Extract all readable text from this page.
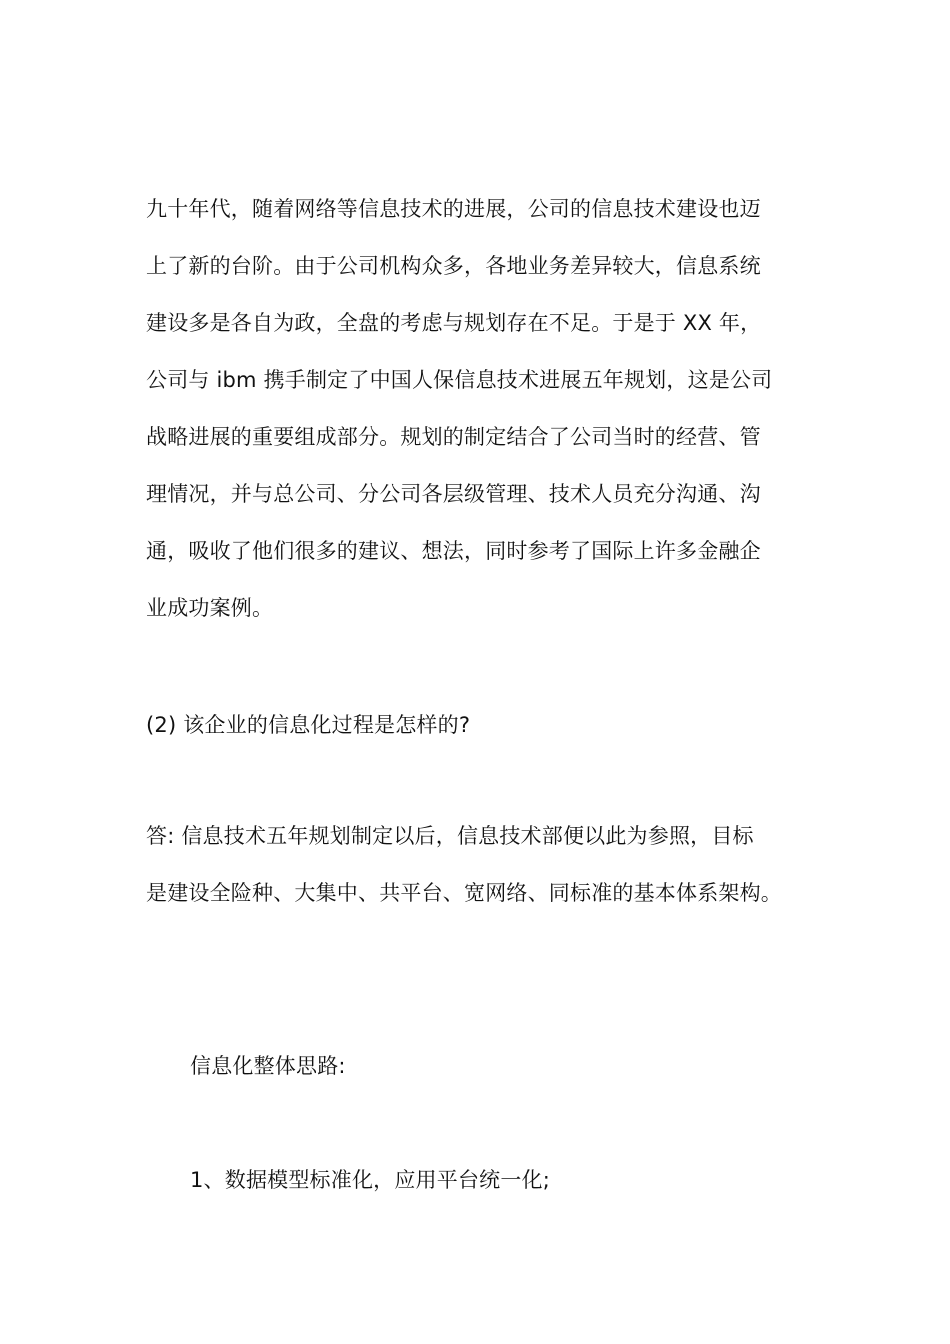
九十年代，随着网络等信息技术的进展，公司的信息技术建设也迈
上了新的台阶。由于公司机构众多，各地业务差异较大，信息系统
建设多是各自为政，全盘的考虑与规划存在不足。于是于 XX 年，
公司与 ibm 携手制定了中国人保信息技术进展五年规划，这是公司
战略进展的重要组成部分。规划的制定结合了公司当时的经营、管
理情况，并与总公司、分公司各层级管理、技术人员充分沟通、沟
通，吸收了他们很多的建议、想法，同时参考了国际上许多金融企
业成功案例。

(2) 该企业的信息化过程是怎样的?

答: 信息技术五年规划制定以后，信息技术部便以此为参照，目标
是建设全险种、大集中、共平台、宽网络、同标准的基本体系架构。

信息化整体思路:

1、数据模型标准化，应用平台统一化;
